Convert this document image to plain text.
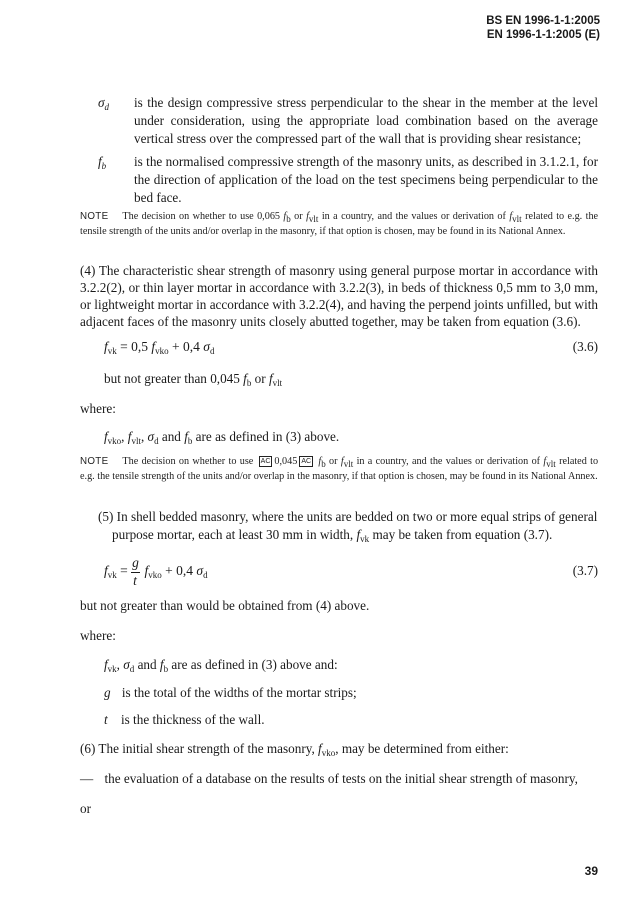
BS EN 1996-1-1:2005
EN 1996-1-1:2005 (E)
$\sigma_d$ is the design compressive stress perpendicular to the shear in the member at the level under consideration, using the appropriate load combination based on the average vertical stress over the compressed part of the wall that is providing shear resistance;
$f_b$ is the normalised compressive strength of the masonry units, as described in 3.1.2.1, for the direction of application of the load on the test specimens being perpendicular to the bed face.
NOTE The decision on whether to use 0,065 $f_b$ or $f_{vlt}$ in a country, and the values or derivation of $f_{vlt}$ related to e.g. the tensile strength of the units and/or overlap in the masonry, if that option is chosen, may be found in its National Annex.
(4) The characteristic shear strength of masonry using general purpose mortar in accordance with 3.2.2(2), or thin layer mortar in accordance with 3.2.2(3), in beds of thickness 0,5 mm to 3,0 mm, or lightweight mortar in accordance with 3.2.2(4), and having the perpend joints unfilled, but with adjacent faces of the masonry units closely abutted together, may be taken from equation (3.6).
$f_{vk} = 0,5$ $f_{vko} + 0,4$ $\sigma_d$	(3.6)
but not greater than 0,045 $f_b$ or $f_{vlt}$
where:
$f_{vko}$, $f_{vlt}$, $\sigma_d$ and $f_b$ are as defined in (3) above.
NOTE The decision on whether to use AC 0,045 AC $f_b$ or $f_{vlt}$ in a country, and the values or derivation of $f_{vlt}$ related to e.g. the tensile strength of the units and/or overlap in the masonry, if that option is chosen, may be found in its National Annex.
(5) In shell bedded masonry, where the units are bedded on two or more equal strips of general
purpose mortar, each at least 30 mm in width, $f_{vk}$ may be taken from equation (3.7).
$f_{vk} = \frac{g}{t} f_{vko} + 0,4$ $\sigma_d$	(3.7)
but not greater than would be obtained from (4) above.
where:
$f_{vk}$, $\sigma_d$ and $f_b$ are as defined in (3) above and:
g is the total of the widths of the mortar strips;
t is the thickness of the wall.
(6) The initial shear strength of the masonry, $f_{vko}$, may be determined from either:
— the evaluation of a database on the results of tests on the initial shear strength of masonry,
or
39
